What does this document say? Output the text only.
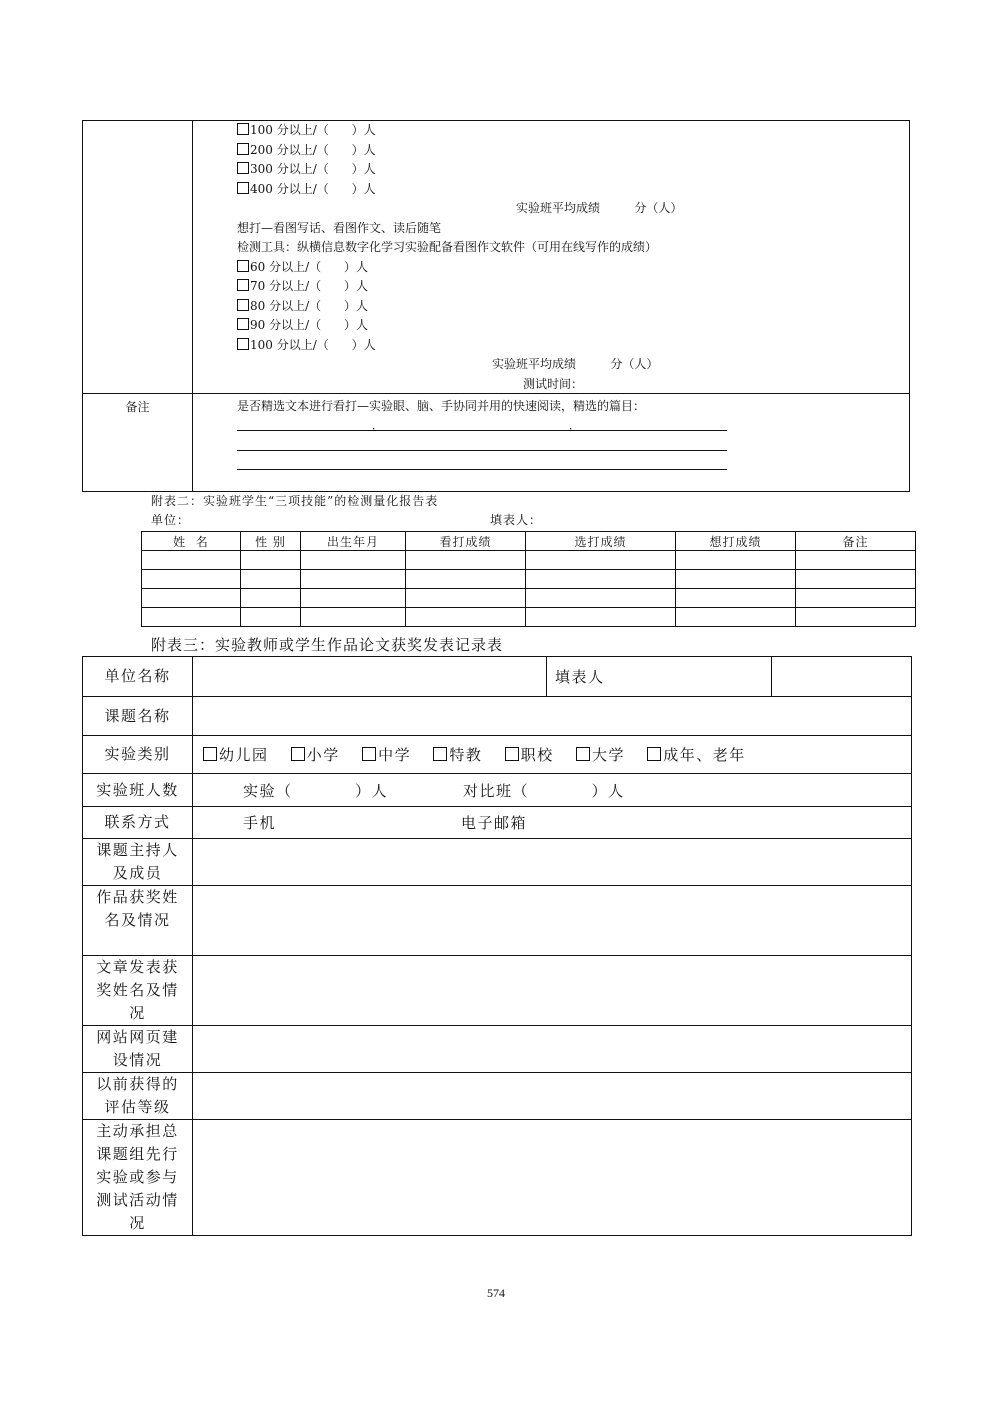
100 分以上/（      ）人
200 分以上/（      ）人
300 分以上/（      ）人
400 分以上/（      ）人
实验班平均成绩         分（人）
想打—看图写话、看图作文、读后随笔
检测工具：纵横信息数字化学习实验配备看图作文软件（可用在线写作的成绩）
60 分以上/（      ）人
70 分以上/（      ）人
80 分以上/（      ）人
90 分以上/（      ）人
100 分以上/（      ）人
实验班平均成绩         分（人）
测试时间：
备注	是否精选文本进行看打—实验眼、脑、手协同并用的快速阅读，精选的篇目：
，	，
附表二：实验班学生“三项技能”的检测量化报告表
单位：	填表人：
姓  名	性 别	出生年月	看打成绩	选打成绩	想打成绩	备注

附表三：实验教师或学生作品论文获奖发表记录表
单位名称		填表人	
课题名称			
实验类别	幼儿园 小学 中学 特教 职校 大学 成年、老年		
实验班人数	实验（          ）人 对比班（          ）人		
联系方式	手机 电子邮箱		

课题主持人
及成员			

作品获奖姓
名及情况			

文章发表获
奖姓名及情
况			

网站网页建
设情况			

以前获得的
评估等级			

主动承担总
课题组先行
实验或参与
测试活动情
况			

574
